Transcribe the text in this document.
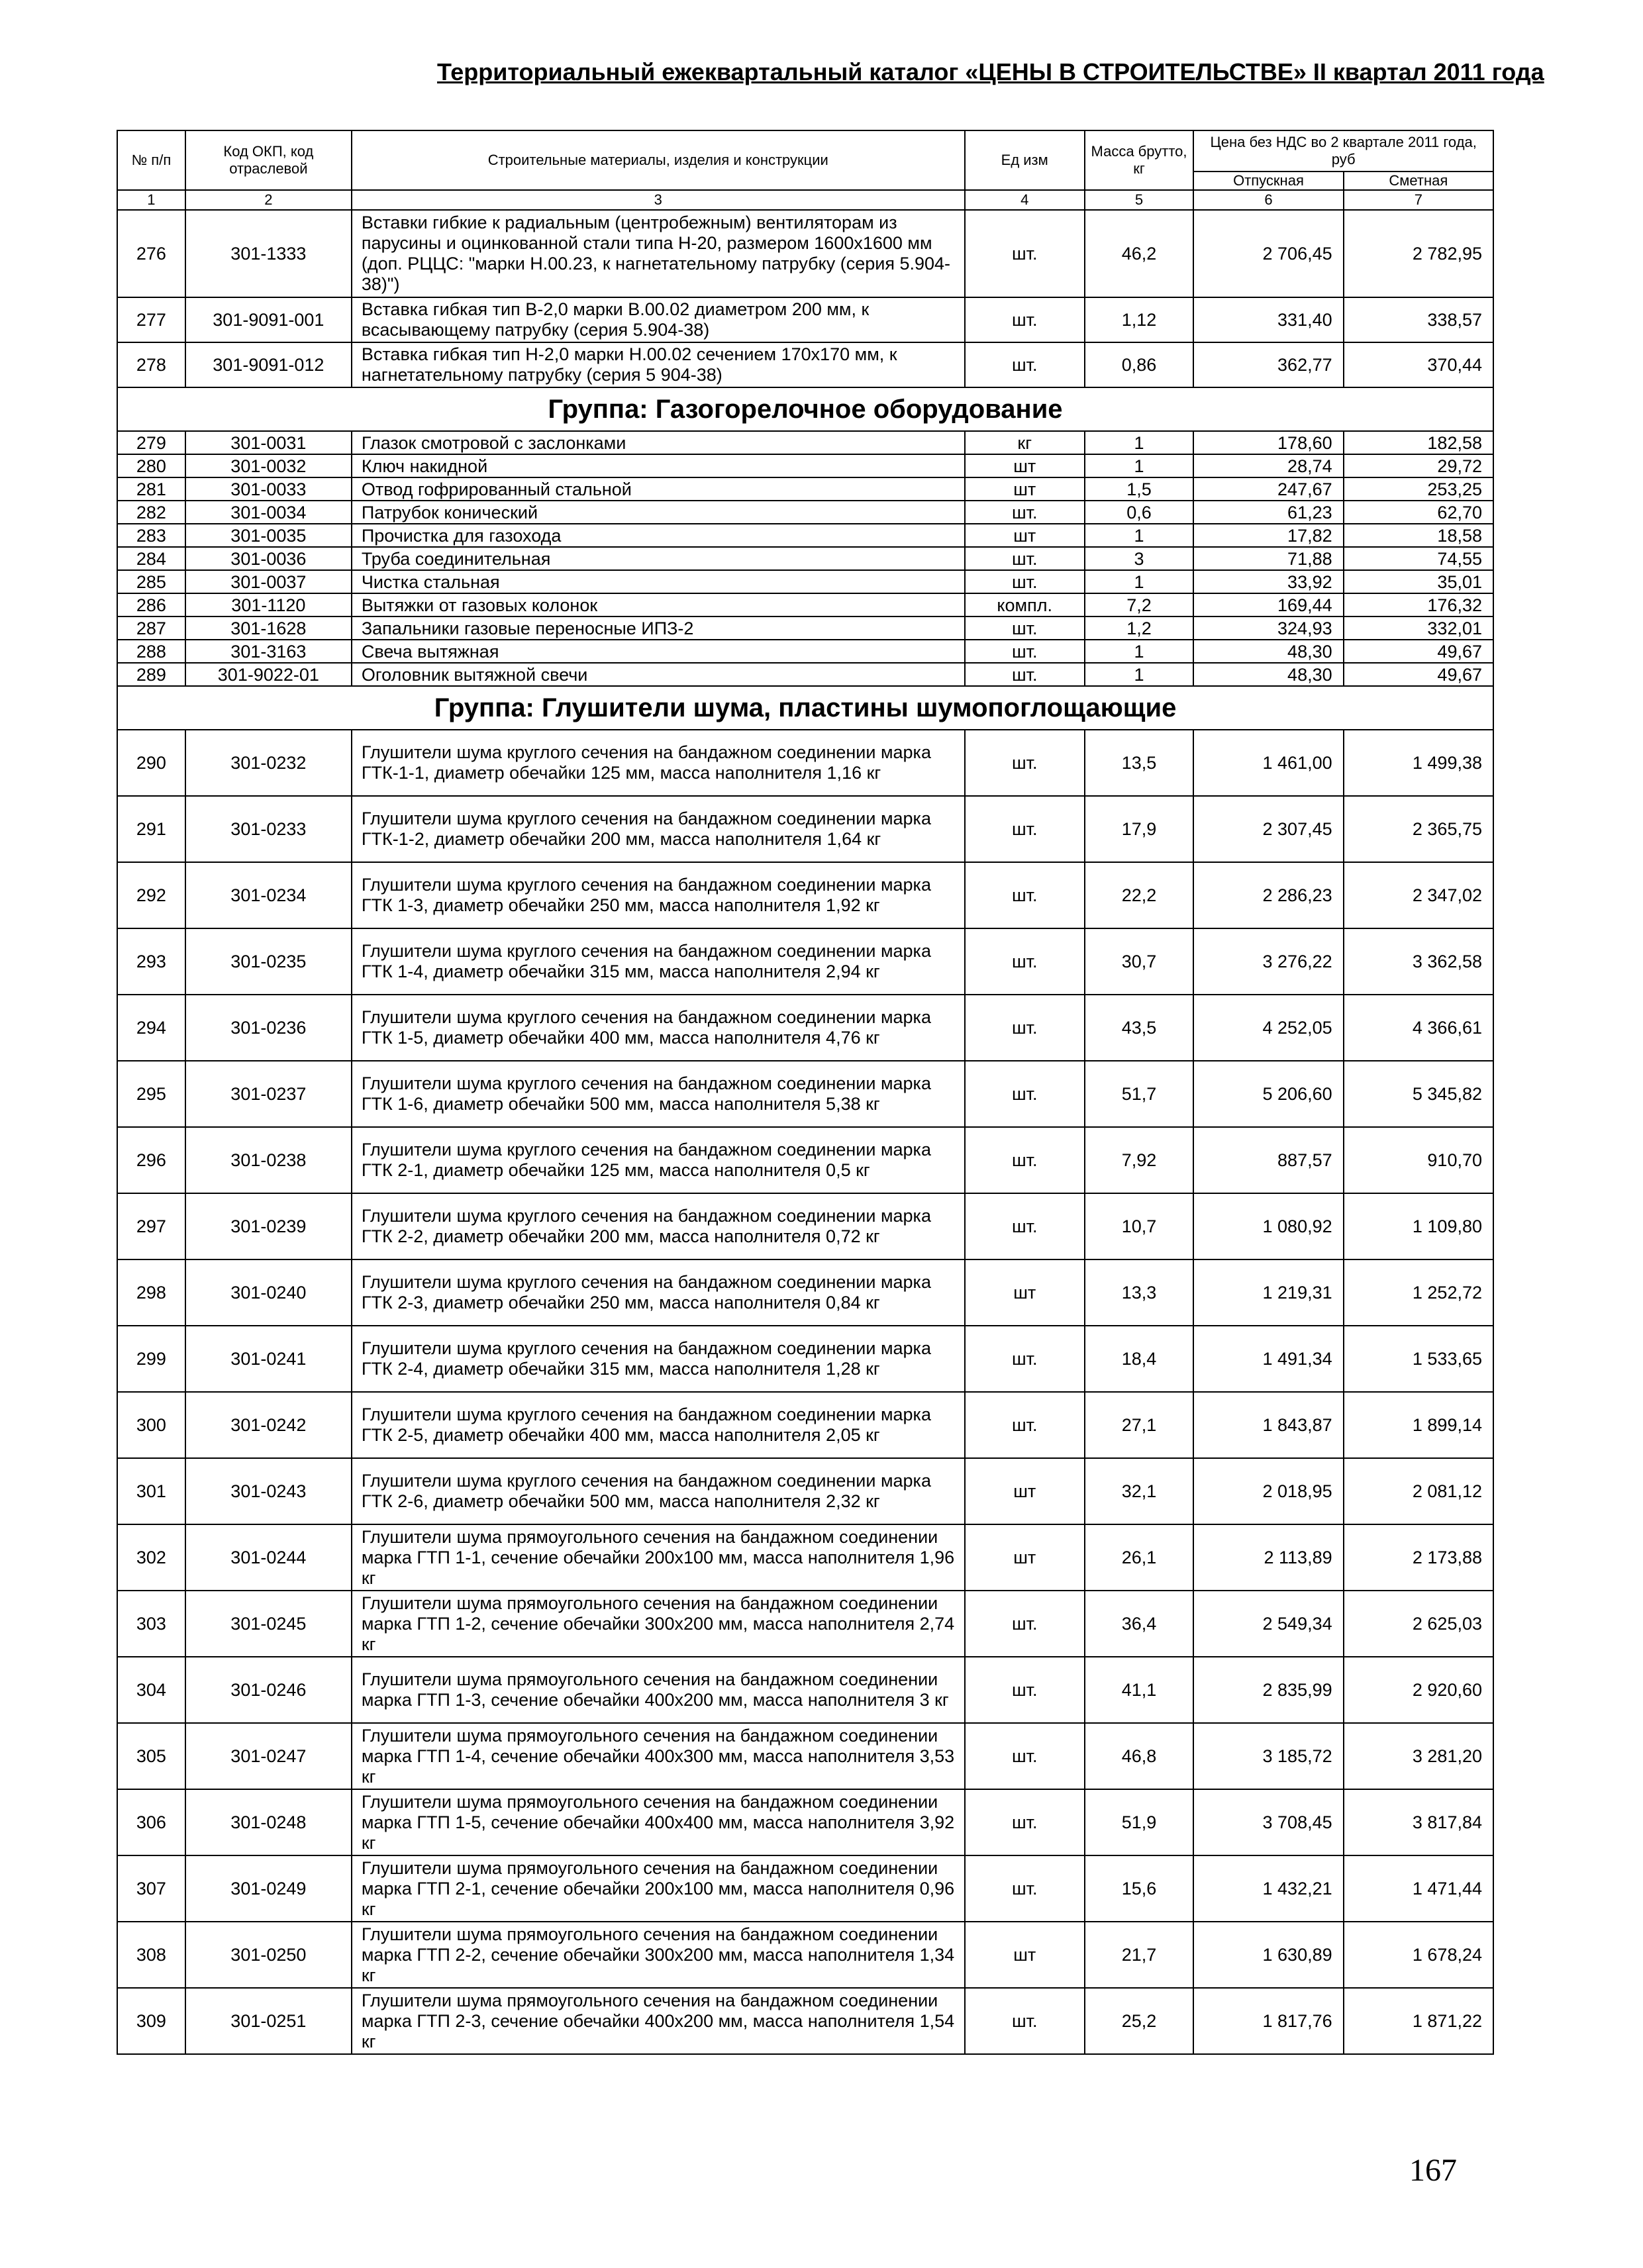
Территориальный ежеквартальный каталог «ЦЕНЫ В СТРОИТЕЛЬСТВЕ» II квартал 2011 года
№ п/п	Код ОКП, код отраслевой	Строительные материалы, изделия и конструкции	Ед изм	Масса брутто, кг	Цена без НДС во 2 квартале 2011 года, руб	
					Отпускная	Сметная
1	2	3	4	5	6	7
276	301-1333	Вставки гибкие к радиальным (центробежным) вентиляторам из парусины и оцинкованной стали типа Н-20, размером 1600х1600 мм (доп. РЦЦС: "марки Н.00.23, к нагнетательному патрубку (серия 5.904-38)")	шт.	46,2	2 706,45	2 782,95
277	301-9091-001	Вставка гибкая тип В-2,0 марки В.00.02 диаметром 200 мм, к всасывающему патрубку (серия 5.904-38)	шт.	1,12	331,40	338,57
278	301-9091-012	Вставка гибкая тип Н-2,0 марки Н.00.02 сечением 170х170 мм, к нагнетательному патрубку (серия 5 904-38)	шт.	0,86	362,77	370,44
Группа: Газогорелочное оборудование						
279	301-0031	Глазок смотровой с заслонками	кг	1	178,60	182,58
280	301-0032	Ключ накидной	шт	1	28,74	29,72
281	301-0033	Отвод гофрированный стальной	шт	1,5	247,67	253,25
282	301-0034	Патрубок конический	шт.	0,6	61,23	62,70
283	301-0035	Прочистка для газохода	шт	1	17,82	18,58
284	301-0036	Труба соединительная	шт.	3	71,88	74,55
285	301-0037	Чистка стальная	шт.	1	33,92	35,01
286	301-1120	Вытяжки от газовых колонок	компл.	7,2	169,44	176,32
287	301-1628	Запальники газовые переносные ИПЗ-2	шт.	1,2	324,93	332,01
288	301-3163	Свеча вытяжная	шт.	1	48,30	49,67
289	301-9022-01	Оголовник вытяжной свечи	шт.	1	48,30	49,67
Группа: Глушители шума, пластины шумопоглощающие						
290	301-0232	Глушители шума круглого сечения на бандажном соединении марка ГТК-1-1, диаметр обечайки 125 мм, масса наполнителя 1,16 кг	шт.	13,5	1 461,00	1 499,38
291	301-0233	Глушители шума круглого сечения на бандажном соединении марка ГТК-1-2, диаметр обечайки 200 мм, масса наполнителя 1,64 кг	шт.	17,9	2 307,45	2 365,75
292	301-0234	Глушители шума круглого сечения на бандажном соединении марка ГТК 1-3, диаметр обечайки 250 мм, масса наполнителя 1,92 кг	шт.	22,2	2 286,23	2 347,02
293	301-0235	Глушители шума круглого сечения на бандажном соединении марка ГТК 1-4, диаметр обечайки 315 мм, масса наполнителя 2,94 кг	шт.	30,7	3 276,22	3 362,58
294	301-0236	Глушители шума круглого сечения на бандажном соединении марка ГТК 1-5, диаметр обечайки 400 мм, масса наполнителя 4,76 кг	шт.	43,5	4 252,05	4 366,61
295	301-0237	Глушители шума круглого сечения на бандажном соединении марка ГТК 1-6, диаметр обечайки 500 мм, масса наполнителя 5,38 кг	шт.	51,7	5 206,60	5 345,82
296	301-0238	Глушители шума круглого сечения на бандажном соединении марка ГТК 2-1, диаметр обечайки 125 мм, масса наполнителя 0,5 кг	шт.	7,92	887,57	910,70
297	301-0239	Глушители шума круглого сечения на бандажном соединении марка ГТК 2-2, диаметр обечайки 200 мм, масса наполнителя 0,72 кг	шт.	10,7	1 080,92	1 109,80
298	301-0240	Глушители шума круглого сечения на бандажном соединении марка ГТК 2-3, диаметр обечайки 250 мм, масса наполнителя 0,84 кг	шт	13,3	1 219,31	1 252,72
299	301-0241	Глушители шума круглого сечения на бандажном соединении марка ГТК 2-4, диаметр обечайки 315 мм, масса наполнителя 1,28 кг	шт.	18,4	1 491,34	1 533,65
300	301-0242	Глушители шума круглого сечения на бандажном соединении марка ГТК 2-5, диаметр обечайки 400 мм, масса наполнителя 2,05 кг	шт.	27,1	1 843,87	1 899,14
301	301-0243	Глушители шума круглого сечения на бандажном соединении марка ГТК 2-6, диаметр обечайки 500 мм, масса наполнителя 2,32 кг	шт	32,1	2 018,95	2 081,12
302	301-0244	Глушители шума прямоугольного сечения на бандажном соединении марка ГТП 1-1, сечение обечайки 200х100 мм, масса наполнителя 1,96 кг	шт	26,1	2 113,89	2 173,88
303	301-0245	Глушители шума прямоугольного сечения на бандажном соединении марка ГТП 1-2, сечение обечайки 300х200 мм, масса наполнителя 2,74 кг	шт.	36,4	2 549,34	2 625,03
304	301-0246	Глушители шума прямоугольного сечения на бандажном соединении марка ГТП 1-3, сечение обечайки 400х200 мм, масса наполнителя 3 кг	шт.	41,1	2 835,99	2 920,60
305	301-0247	Глушители шума прямоугольного сечения на бандажном соединении марка ГТП 1-4, сечение обечайки 400х300 мм, масса наполнителя 3,53 кг	шт.	46,8	3 185,72	3 281,20
306	301-0248	Глушители шума прямоугольного сечения на бандажном соединении марка ГТП 1-5, сечение обечайки 400х400 мм, масса наполнителя 3,92 кг	шт.	51,9	3 708,45	3 817,84
307	301-0249	Глушители шума прямоугольного сечения на бандажном соединении марка ГТП 2-1, сечение обечайки 200х100 мм, масса наполнителя 0,96 кг	шт.	15,6	1 432,21	1 471,44
308	301-0250	Глушители шума прямоугольного сечения на бандажном соединении марка ГТП 2-2, сечение обечайки 300х200 мм, масса наполнителя 1,34 кг	шт	21,7	1 630,89	1 678,24
309	301-0251	Глушители шума прямоугольного сечения на бандажном соединении марка ГТП 2-3, сечение обечайки 400х200 мм, масса наполнителя 1,54 кг	шт.	25,2	1 817,76	1 871,22
167
